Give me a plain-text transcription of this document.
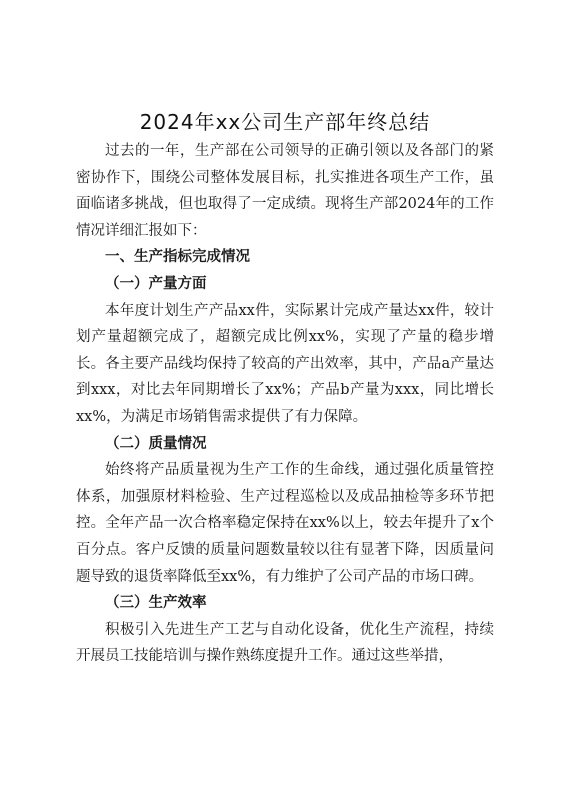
2024年xx公司生产部年终总结

过去的一年，生产部在公司领导的正确引领以及各部门的紧密协作下，围绕公司整体发展目标，扎实推进各项生产工作，虽面临诸多挑战，但也取得了一定成绩。现将生产部2024年的工作情况详细汇报如下：

一、生产指标完成情况

（一）产量方面

本年度计划生产产品xx件，实际累计完成产量达xx件，较计划产量超额完成了，超额完成比例xx%，实现了产量的稳步增长。各主要产品线均保持了较高的产出效率，其中，产品a产量达到xxx，对比去年同期增长了xx%；产品b产量为xxx，同比增长xx%，为满足市场销售需求提供了有力保障。

（二）质量情况

始终将产品质量视为生产工作的生命线，通过强化质量管控体系，加强原材料检验、生产过程巡检以及成品抽检等多环节把控。全年产品一次合格率稳定保持在xx%以上，较去年提升了x个百分点。客户反馈的质量问题数量较以往有显著下降，因质量问题导致的退货率降低至xx%，有力维护了公司产品的市场口碑。

（三）生产效率

积极引入先进生产工艺与自动化设备，优化生产流程，持续开展员工技能培训与操作熟练度提升工作。通过这些举措，
